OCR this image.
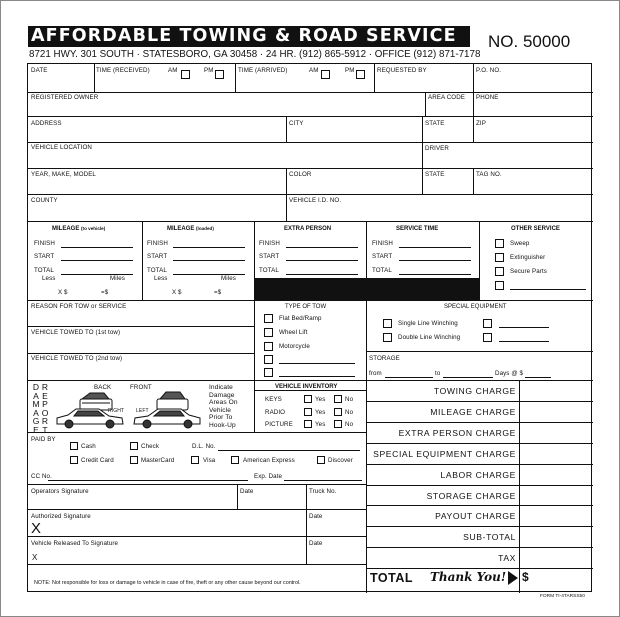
AFFORDABLE TOWING & ROAD SERVICE
8721 HWY. 301 SOUTH · STATESBORO, GA 30458 · 24 HR. (912) 865-5912 · OFFICE (912) 871-7178
NO. 50000
DATE	TIME (RECEIVED)	AM	PM	TIME (ARRIVED)	AM	PM	REQUESTED BY	P.O. NO.
REGISTERED OWNER	AREA CODE PHONE
ADDRESS	CITY	STATE	ZIP
VEHICLE LOCATION	DRIVER
YEAR, MAKE, MODEL	COLOR	STATE	TAG NO.
COUNTY	VEHICLE I.D. NO.
MILEAGE (to vehicle)
FINISH
START
TOTAL
Less	Miles
X $	=$
MILEAGE (loaded)
FINISH
START
TOTAL
Less	Miles
X $	=$
EXTRA PERSON
FINISH
START
TOTAL
SERVICE TIME
FINISH
START
TOTAL
OTHER SERVICE
Sweep
Extinguisher
Secure Parts
REASON FOR TOW or SERVICE
VEHICLE TOWED TO (1st tow)
VEHICLE TOWED TO (2nd tow)
TYPE OF TOW
Flat Bed/Ramp
Wheel Lift
Motorcycle
SPECIAL EQUIPMENT
Single Line Winching
Double Line Winching
STORAGE
from	to	Days @ $
D
A
M
A
G
E
R
E
P
O
R
T
BACK	FRONT
RIGHT LEFT
Indicate
Damage
Areas On
Vehicle
Prior To
Hook-Up
VEHICLE INVENTORY
KEYS	Yes	No
RADIO	Yes	No
PICTURE	Yes	No
PAID BY
Cash	Check	D.L. No.
Credit Card	MasterCard	Visa	American Express	Discover
CC No.	Exp. Date
Operators Signature	Date	Truck No.
Authorized Signature
X
Date
Vehicle Released To Signature
X
Date
NOTE: Not responsible for loss or damage to vehicle in case of fire, theft or any other cause beyond our control.
TOWING CHARGE
MILEAGE CHARGE
EXTRA PERSON CHARGE
SPECIAL EQUIPMENT CHARGE
LABOR CHARGE
STORAGE CHARGE
PAYOUT CHARGE
SUB-TOTAL
TAX
TOTAL Thank You! $
FORM TI-4TARSS50
